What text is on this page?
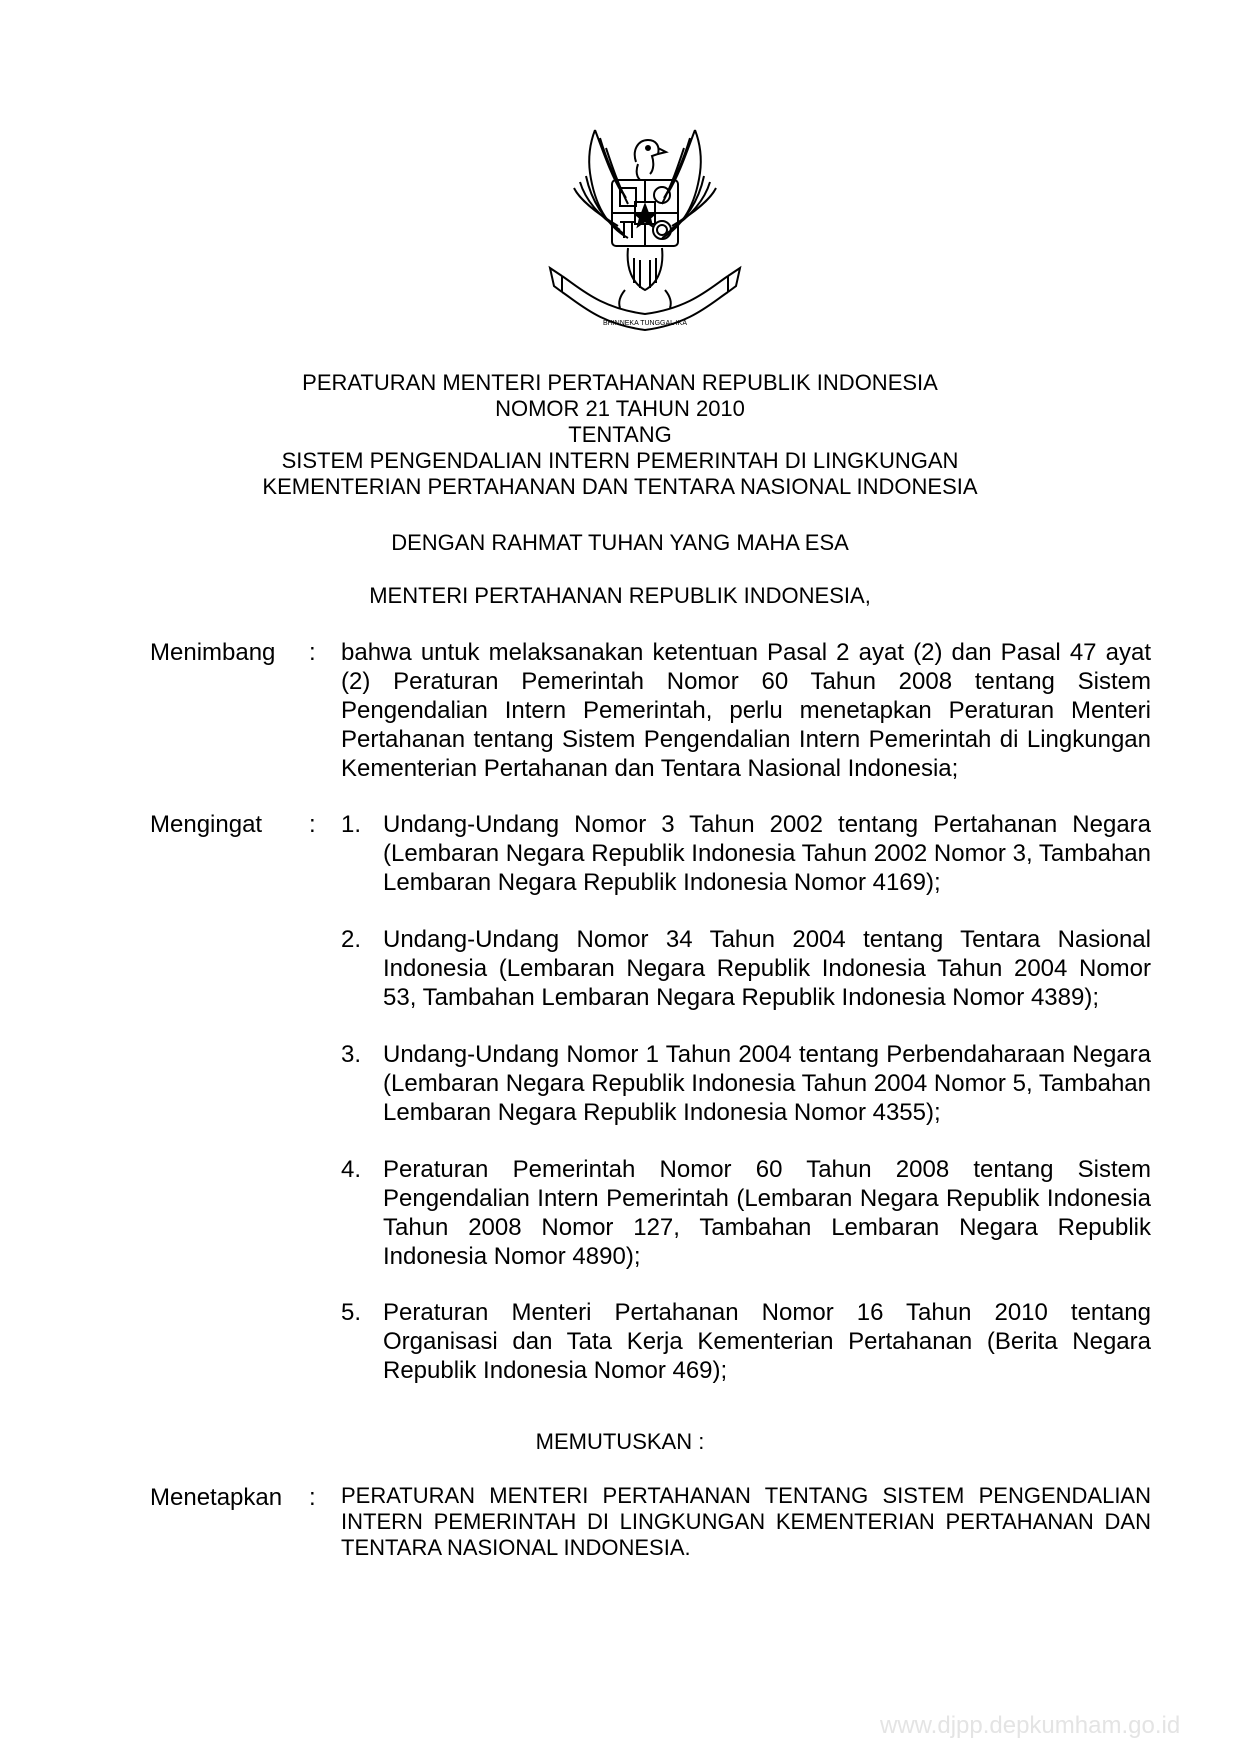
BHINNEKA TUNGGAL IKA
PERATURAN MENTERI PERTAHANAN REPUBLIK INDONESIA
NOMOR 21 TAHUN 2010
TENTANG
SISTEM PENGENDALIAN INTERN PEMERINTAH DI LINGKUNGAN
KEMENTERIAN PERTAHANAN DAN TENTARA NASIONAL INDONESIA
DENGAN RAHMAT TUHAN YANG MAHA ESA
MENTERI PERTAHANAN REPUBLIK INDONESIA,
Menimbang : bahwa untuk melaksanakan ketentuan Pasal 2 ayat (2) dan Pasal 47 ayat (2) Peraturan Pemerintah Nomor 60 Tahun 2008 tentang Sistem Pengendalian Intern Pemerintah, perlu menetapkan Peraturan Menteri Pertahanan tentang Sistem Pengendalian Intern Pemerintah di Lingkungan Kementerian Pertahanan dan Tentara Nasional Indonesia;
Mengingat : 1. Undang-Undang Nomor 3 Tahun 2002 tentang Pertahanan Negara (Lembaran Negara Republik Indonesia Tahun 2002 Nomor 3, Tambahan Lembaran Negara Republik Indonesia Nomor 4169);
2. Undang-Undang Nomor 34 Tahun 2004 tentang Tentara Nasional Indonesia (Lembaran Negara Republik Indonesia Tahun 2004 Nomor 53, Tambahan Lembaran Negara Republik Indonesia Nomor 4389);
3. Undang-Undang Nomor 1 Tahun 2004 tentang Perbendaharaan Negara (Lembaran Negara Republik Indonesia Tahun 2004 Nomor 5, Tambahan Lembaran Negara Republik Indonesia Nomor 4355);
4. Peraturan Pemerintah Nomor 60 Tahun 2008 tentang Sistem Pengendalian Intern Pemerintah (Lembaran Negara Republik Indonesia Tahun 2008 Nomor 127, Tambahan Lembaran Negara Republik Indonesia Nomor 4890);
5. Peraturan Menteri Pertahanan Nomor 16 Tahun 2010 tentang Organisasi dan Tata Kerja Kementerian Pertahanan (Berita Negara Republik Indonesia Nomor 469);
MEMUTUSKAN :
Menetapkan : PERATURAN MENTERI PERTAHANAN TENTANG SISTEM PENGENDALIAN INTERN PEMERINTAH DI LINGKUNGAN KEMENTERIAN PERTAHANAN DAN TENTARA NASIONAL INDONESIA.
www.djpp.depkumham.go.id
